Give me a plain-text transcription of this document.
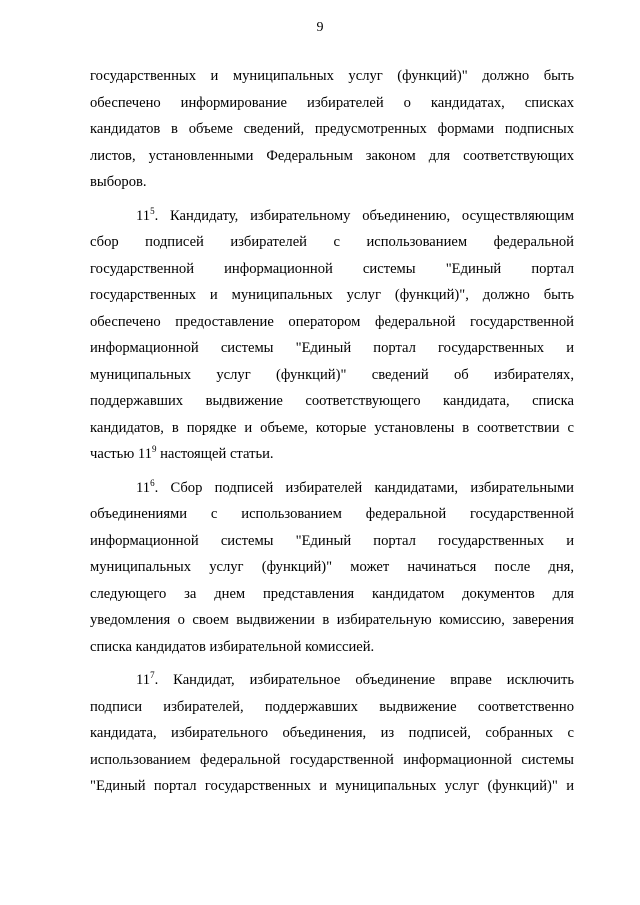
9
государственных и муниципальных услуг (функций)" должно быть
обеспечено информирование избирателей о кандидатах, списках
кандидатов в объеме сведений, предусмотренных формами подписных
листов, установленными Федеральным законом для соответствующих
выборов.
$11^5$. Кандидату, избирательному объединению, осуществляющим
сбор подписей избирателей с использованием федеральной
государственной информационной системы "Единый портал
государственных и муниципальных услуг (функций)", должно быть
обеспечено предоставление оператором федеральной государственной
информационной системы "Единый портал государственных и
муниципальных услуг (функций)" сведений об избирателях,
поддержавших выдвижение соответствующего кандидата, списка
кандидатов, в порядке и объеме, которые установлены в соответствии с
частью $11^9$ настоящей статьи.
$11^6$. Сбор подписей избирателей кандидатами, избирательными
объединениями с использованием федеральной государственной
информационной системы "Единый портал государственных и
муниципальных услуг (функций)" может начинаться после дня,
следующего за днем представления кандидатом документов для
уведомления о своем выдвижении в избирательную комиссию, заверения
списка кандидатов избирательной комиссией.
$11^7$. Кандидат, избирательное объединение вправе исключить
подписи избирателей, поддержавших выдвижение соответственно
кандидата, избирательного объединения, из подписей, собранных с
использованием федеральной государственной информационной системы
"Единый портал государственных и муниципальных услуг (функций)" и
